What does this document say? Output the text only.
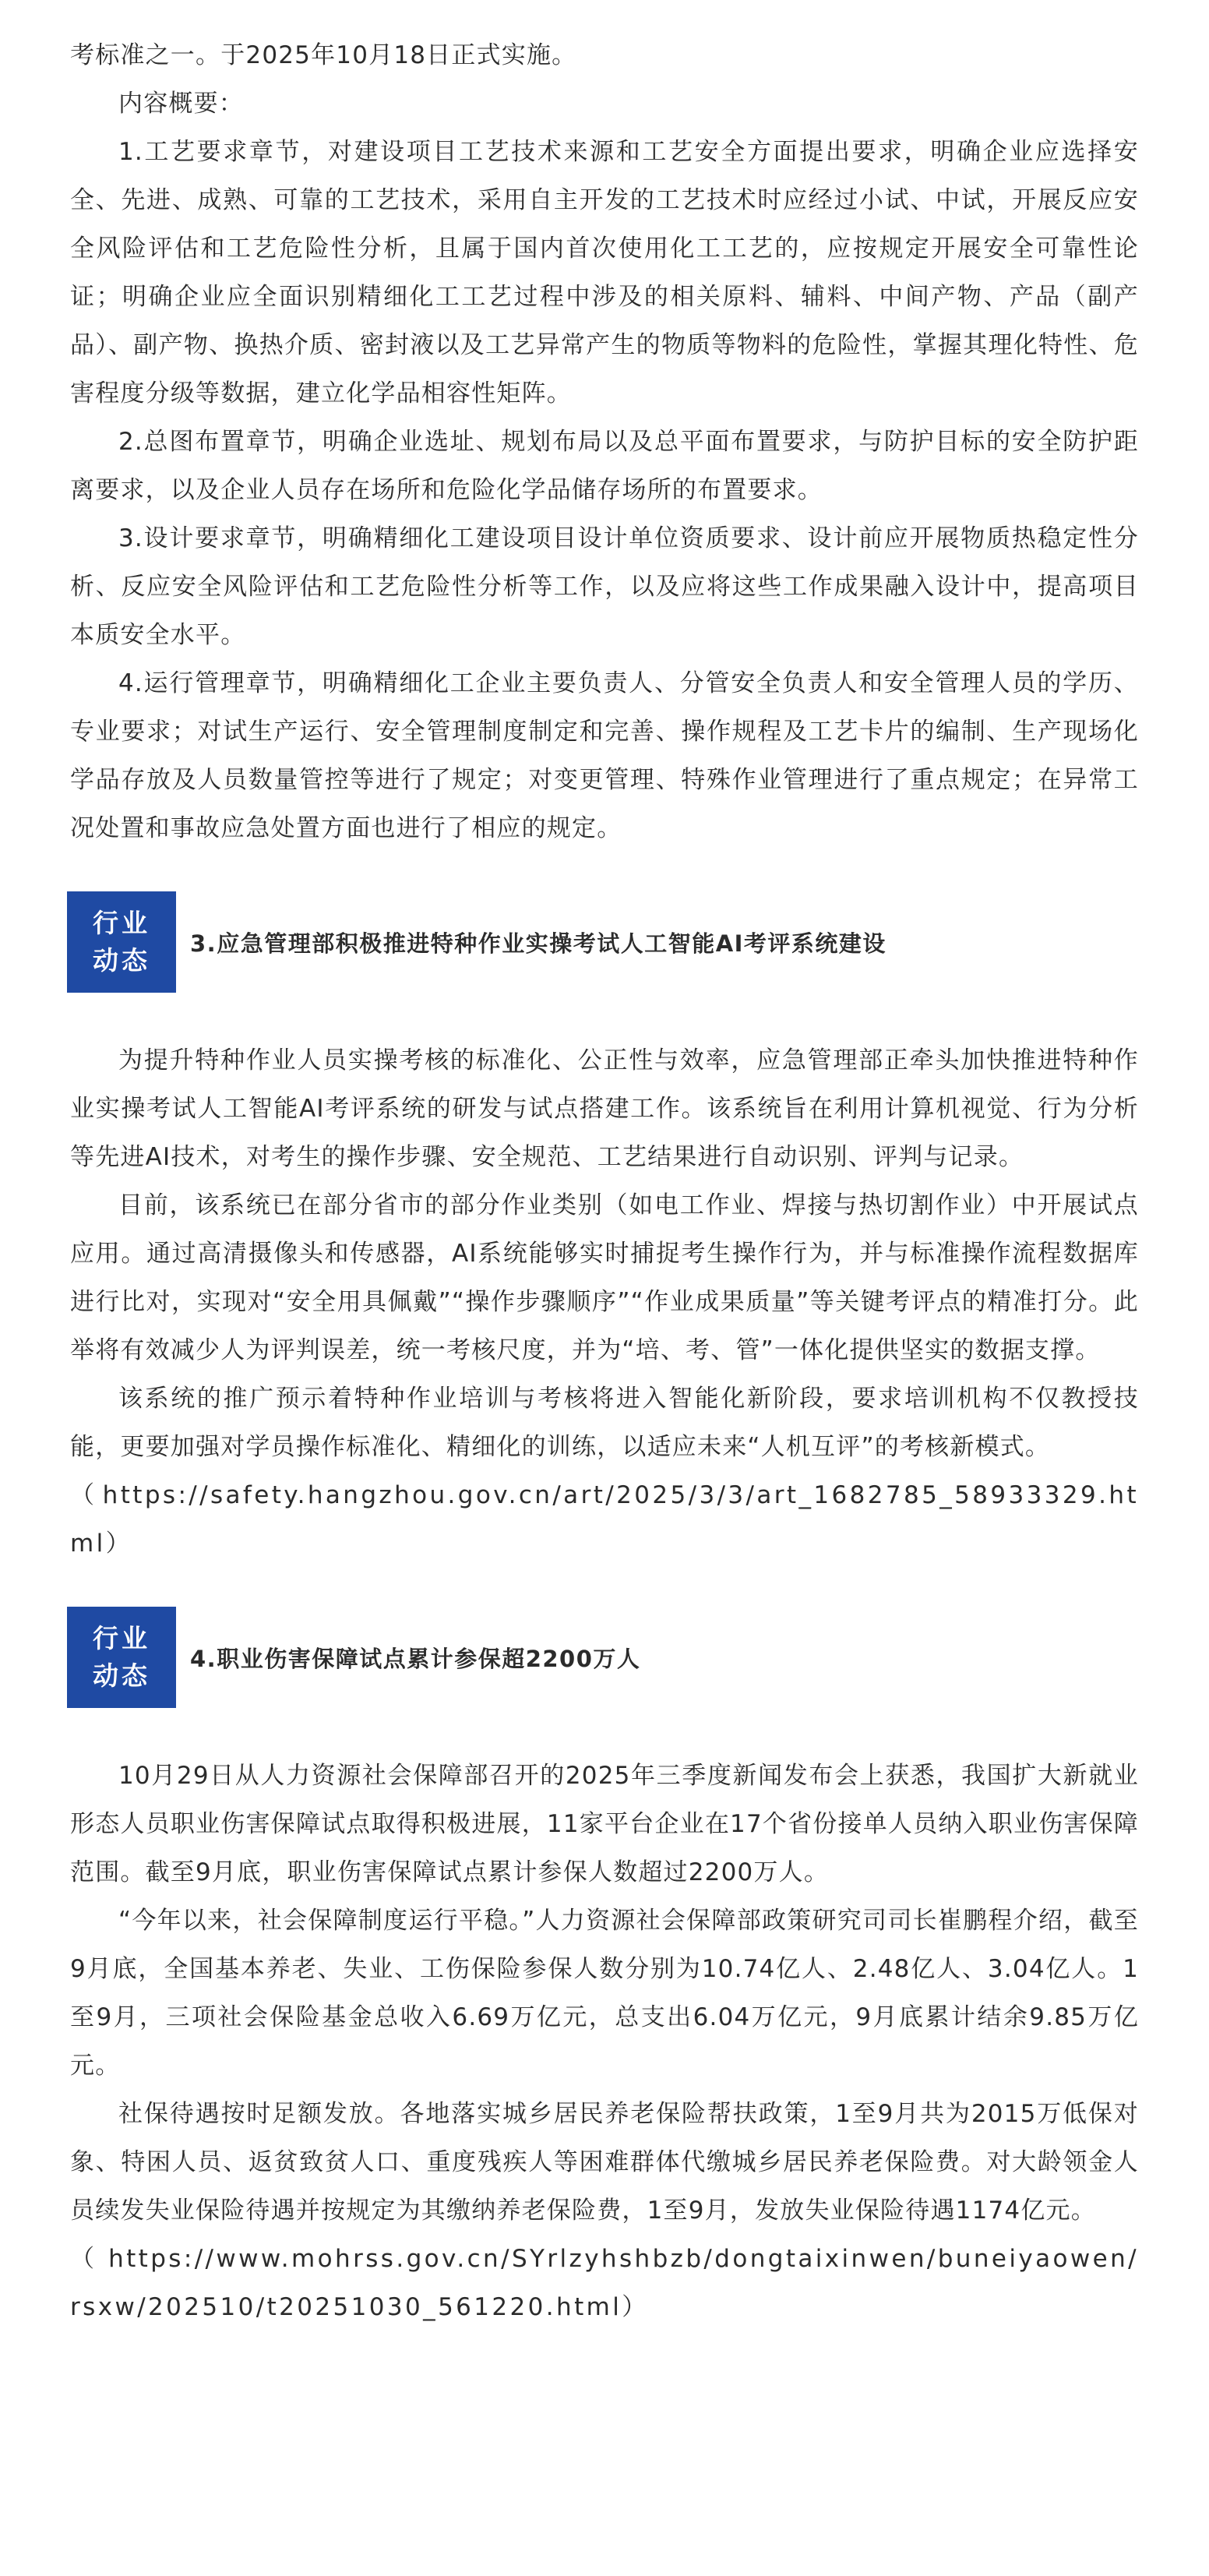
考标准之一。于2025年10月18日正式实施。

内容概要：

1.工艺要求章节，对建设项目工艺技术来源和工艺安全方面提出要求，明确企业应选择安全、先进、成熟、可靠的工艺技术，采用自主开发的工艺技术时应经过小试、中试，开展反应安全风险评估和工艺危险性分析，且属于国内首次使用化工工艺的，应按规定开展安全可靠性论证；明确企业应全面识别精细化工工艺过程中涉及的相关原料、辅料、中间产物、产品（副产品）、副产物、换热介质、密封液以及工艺异常产生的物质等物料的危险性，掌握其理化特性、危害程度分级等数据，建立化学品相容性矩阵。

2.总图布置章节，明确企业选址、规划布局以及总平面布置要求，与防护目标的安全防护距离要求，以及企业人员存在场所和危险化学品储存场所的布置要求。

3.设计要求章节，明确精细化工建设项目设计单位资质要求、设计前应开展物质热稳定性分析、反应安全风险评估和工艺危险性分析等工作，以及应将这些工作成果融入设计中，提高项目本质安全水平。

4.运行管理章节，明确精细化工企业主要负责人、分管安全负责人和安全管理人员的学历、专业要求；对试生产运行、安全管理制度制定和完善、操作规程及工艺卡片的编制、生产现场化学品存放及人员数量管控等进行了规定；对变更管理、特殊作业管理进行了重点规定；在异常工况处置和事故应急处置方面也进行了相应的规定。

行业
动态
3.应急管理部积极推进特种作业实操考试人工智能AI考评系统建设

为提升特种作业人员实操考核的标准化、公正性与效率，应急管理部正牵头加快推进特种作业实操考试人工智能AI考评系统的研发与试点搭建工作。该系统旨在利用计算机视觉、行为分析等先进AI技术，对考生的操作步骤、安全规范、工艺结果进行自动识别、评判与记录。

目前，该系统已在部分省市的部分作业类别（如电工作业、焊接与热切割作业）中开展试点应用。通过高清摄像头和传感器，AI系统能够实时捕捉考生操作行为，并与标准操作流程数据库进行比对，实现对“安全用具佩戴”“操作步骤顺序”“作业成果质量”等关键考评点的精准打分。此举将有效减少人为评判误差，统一考核尺度，并为“培、考、管”一体化提供坚实的数据支撑。

该系统的推广预示着特种作业培训与考核将进入智能化新阶段，要求培训机构不仅教授技能，更要加强对学员操作标准化、精细化的训练，以适应未来“人机互评”的考核新模式。

（https://safety.hangzhou.gov.cn/art/2025/3/3/art_1682785_58933329.html）

行业
动态
4.职业伤害保障试点累计参保超2200万人

10月29日从人力资源社会保障部召开的2025年三季度新闻发布会上获悉，我国扩大新就业形态人员职业伤害保障试点取得积极进展，11家平台企业在17个省份接单人员纳入职业伤害保障范围。截至9月底，职业伤害保障试点累计参保人数超过2200万人。

“今年以来，社会保障制度运行平稳。”人力资源社会保障部政策研究司司长崔鹏程介绍，截至9月底，全国基本养老、失业、工伤保险参保人数分别为10.74亿人、2.48亿人、3.04亿人。1至9月，三项社会保险基金总收入6.69万亿元，总支出6.04万亿元，9月底累计结余9.85万亿元。

社保待遇按时足额发放。各地落实城乡居民养老保险帮扶政策，1至9月共为2015万低保对象、特困人员、返贫致贫人口、重度残疾人等困难群体代缴城乡居民养老保险费。对大龄领金人员续发失业保险待遇并按规定为其缴纳养老保险费，1至9月，发放失业保险待遇1174亿元。

（https://www.mohrss.gov.cn/SYrlzyhshbzb/dongtaixinwen/buneiyaowen/rsxw/202510/t20251030_561220.html）
